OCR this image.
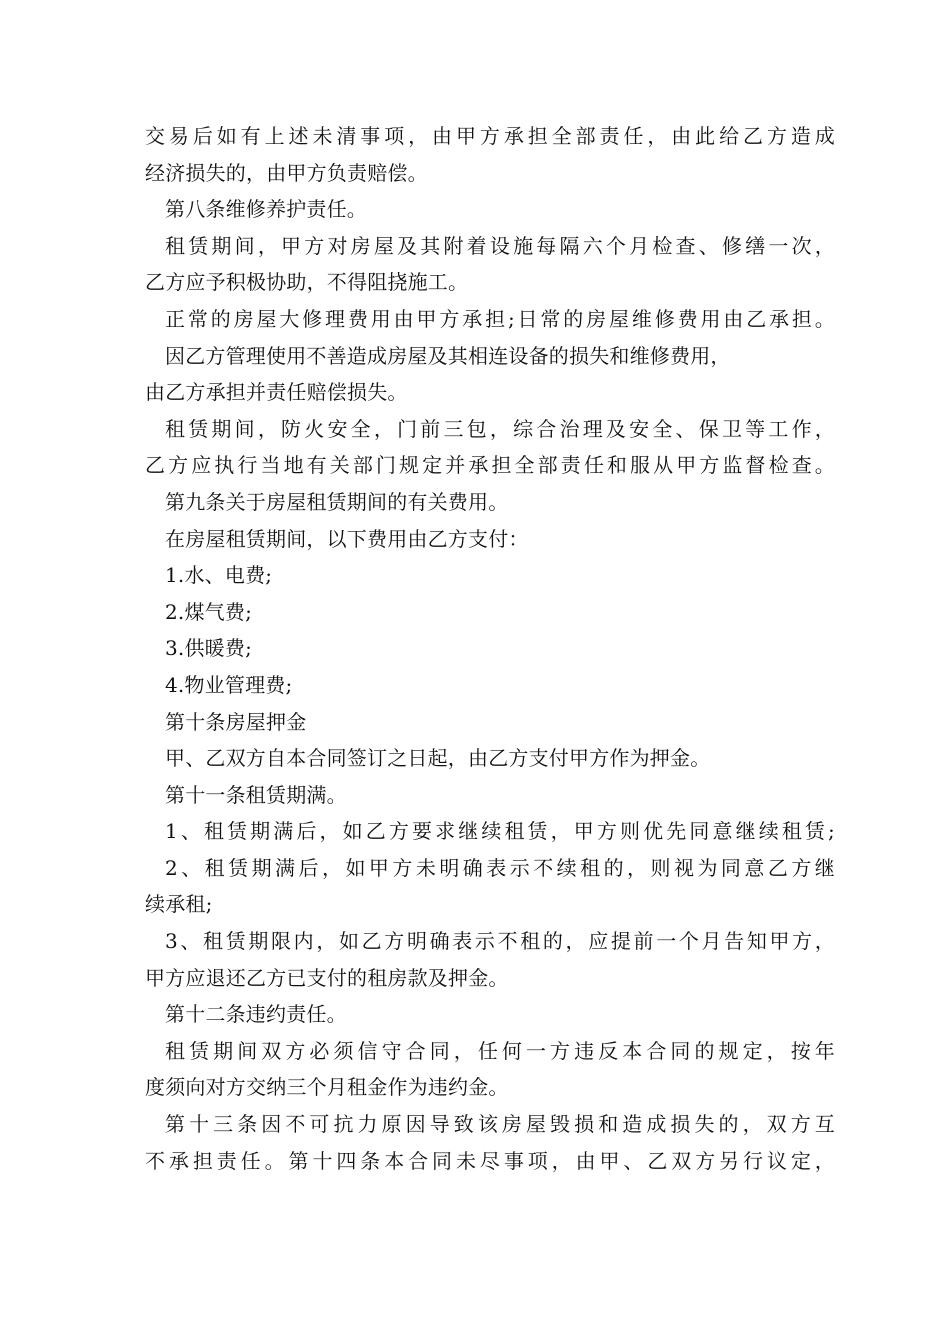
交易后如有上述未清事项，由甲方承担全部责任，由此给乙方造成
经济损失的，由甲方负责赔偿。
第八条维修养护责任。
租赁期间，甲方对房屋及其附着设施每隔六个月检查、修缮一次，
乙方应予积极协助，不得阻挠施工。
正常的房屋大修理费用由甲方承担;日常的房屋维修费用由乙承担。
因乙方管理使用不善造成房屋及其相连设备的损失和维修费用，
由乙方承担并责任赔偿损失。
租赁期间，防火安全，门前三包，综合治理及安全、保卫等工作，
乙方应执行当地有关部门规定并承担全部责任和服从甲方监督检查。
第九条关于房屋租赁期间的有关费用。
在房屋租赁期间，以下费用由乙方支付：
1.水、电费;
2.煤气费;
3.供暖费;
4.物业管理费;
第十条房屋押金
甲、乙双方自本合同签订之日起，由乙方支付甲方作为押金。
第十一条租赁期满。
1、租赁期满后，如乙方要求继续租赁，甲方则优先同意继续租赁;
2、租赁期满后，如甲方未明确表示不续租的，则视为同意乙方继
续承租;
3、租赁期限内，如乙方明确表示不租的，应提前一个月告知甲方，
甲方应退还乙方已支付的租房款及押金。
第十二条违约责任。
租赁期间双方必须信守合同，任何一方违反本合同的规定，按年
度须向对方交纳三个月租金作为违约金。
第十三条因不可抗力原因导致该房屋毁损和造成损失的，双方互
不承担责任。第十四条本合同未尽事项，由甲、乙双方另行议定，
